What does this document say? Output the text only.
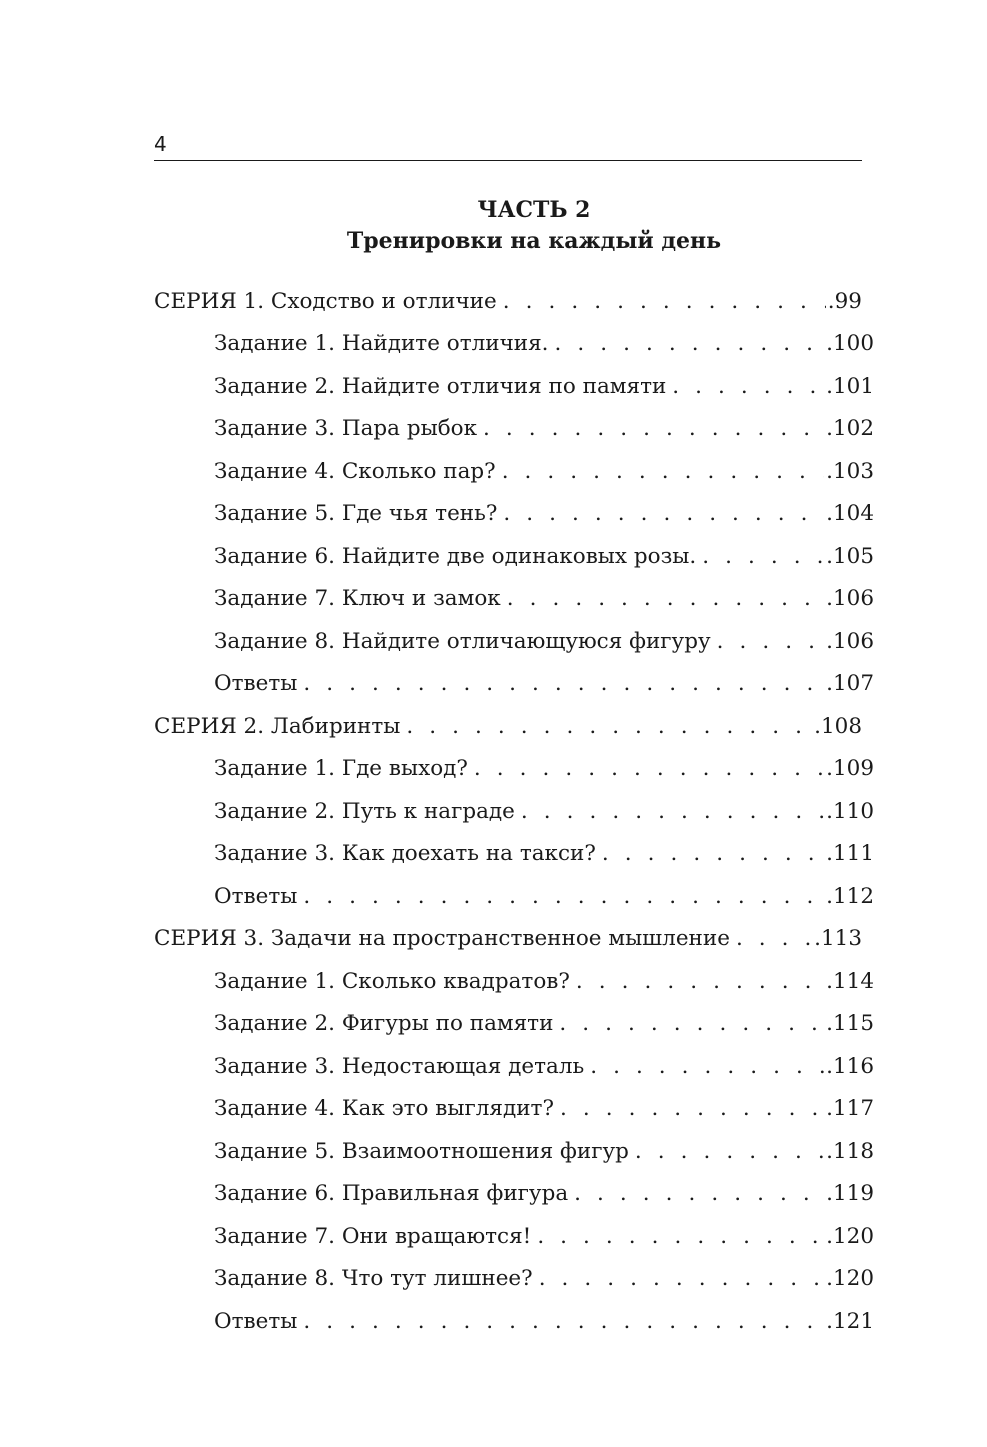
4
ЧАСТЬ 2
Тренировки на каждый день
СЕРИЯ 1. Сходство и отличие . . .	.99
Задание 1. Найдите отличия. . . .	.100
Задание 2. Найдите отличия по памяти . . .	.101
Задание 3. Пара рыбок . . .	.102
Задание 4. Сколько пар? . . .	.103
Задание 5. Где чья тень? . . .	.104
Задание 6. Найдите две одинаковых розы. . . .	.105
Задание 7. Ключ и замок . . .	.106
Задание 8. Найдите отличающуюся фигуру . . .	.106
Ответы . . .	.107
СЕРИЯ 2. Лабиринты . . .	.108
Задание 1. Где выход? . . .	.109
Задание 2. Путь к награде . . .	.110
Задание 3. Как доехать на такси? . . .	.111
Ответы . . .	.112
СЕРИЯ 3. Задачи на пространственное мышление . . .	.113
Задание 1. Сколько квадратов? . . .	.114
Задание 2. Фигуры по памяти . . .	.115
Задание 3. Недостающая деталь . . .	.116
Задание 4. Как это выглядит? . . .	.117
Задание 5. Взаимоотношения фигур . . .	.118
Задание 6. Правильная фигура . . .	.119
Задание 7. Они вращаются! . . .	.120
Задание 8. Что тут лишнее? . . .	.120
Ответы . . .	.121
